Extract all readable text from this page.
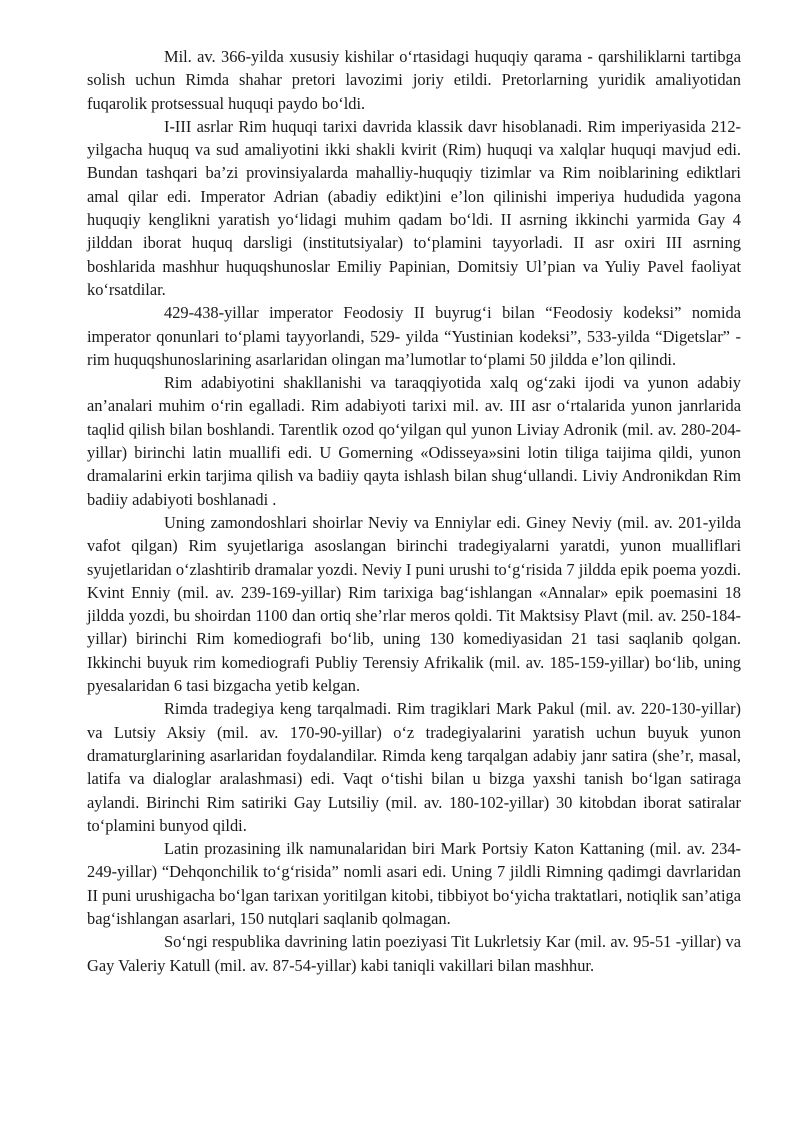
Mil. av. 366-yilda xususiy kishilar o‘rtasidagi huquqiy qarama - qarshiliklarni tartibga solish uchun Rimda shahar pretori lavozimi joriy etildi. Pretorlarning yuridik amaliyotidan fuqarolik protsessual huquqi paydo bo‘ldi.

I-III asrlar Rim huquqi tarixi davrida klassik davr hisoblanadi. Rim imperiyasida 212-yilgacha huquq va sud amaliyotini ikki shakli kvirit (Rim) huquqi va xalqlar huquqi mavjud edi. Bundan tashqari ba’zi provinsiyalarda mahalliy-huquqiy tizimlar va Rim noiblarining ediktlari amal qilar edi. Imperator Adrian (abadiy edikt)ini e’lon qilinishi imperiya hududida yagona huquqiy kenglikni yaratish yo‘lidagi muhim qadam bo‘ldi. II asrning ikkinchi yarmida Gay 4 jilddan iborat huquq darsligi (institutsiyalar) to‘plamini tayyorladi. II asr oxiri III asrning boshlarida mashhur huquqshunoslar Emiliy Papinian, Domitsiy Ul’pian va Yuliy Pavel faoliyat ko‘rsatdilar.

429-438-yillar imperator Feodosiy II buyrug‘i bilan “Feodosiy kodeksi” nomida imperator qonunlari to‘plami tayyorlandi, 529- yilda “Yustinian kodeksi”, 533-yilda “Digetslar” - rim huquqshunoslarining asarlaridan olingan ma’lumotlar to‘plami 50 jildda e’lon qilindi.

Rim adabiyotini shakllanishi va taraqqiyotida xalq og‘zaki ijodi va yunon adabiy an’analari muhim o‘rin egalladi. Rim adabiyoti tarixi mil. av. III asr o‘rtalarida yunon janrlarida taqlid qilish bilan boshlandi. Tarentlik ozod qo‘yilgan qul yunon Liviay Adronik (mil. av. 280-204-yillar) birinchi latin muallifi edi. U Gomerning «Odisseya»sini lotin tiliga taijima qildi, yunon dramalarini erkin tarjima qilish va badiiy qayta ishlash bilan shug‘ullandi. Liviy Andronikdan Rim badiiy adabiyoti boshlanadi .

Uning zamondoshlari shoirlar Neviy va Enniylar edi. Giney Neviy (mil. av. 201-yilda vafot qilgan) Rim syujetlariga asoslangan birinchi tradegiyalarni yaratdi, yunon mualliflari syujetlaridan o‘zlashtirib dramalar yozdi. Neviy I puni urushi to‘g‘risida 7 jildda epik poema yozdi. Kvint Enniy (mil. av. 239-169-yillar) Rim tarixiga bag‘ishlangan «Annalar» epik poemasini 18 jildda yozdi, bu shoirdan 1100 dan ortiq she’rlar meros qoldi. Tit Maktsisy Plavt (mil. av. 250-184-yillar) birinchi Rim komediografi bo‘lib, uning 130 komediyasidan 21 tasi saqlanib qolgan. Ikkinchi buyuk rim komediografi Publiy Terensiy Afrikalik (mil. av. 185-159-yillar) bo‘lib, uning pyesalaridan 6 tasi bizgacha yetib kelgan.

Rimda tradegiya keng tarqalmadi. Rim tragiklari Mark Pakul (mil. av. 220-130-yillar) va Lutsiy Aksiy (mil. av. 170-90-yillar) o‘z tradegiyalarini yaratish uchun buyuk yunon dramaturglarining asarlaridan foydalandilar. Rimda keng tarqalgan adabiy janr satira (she’r, masal, latifa va dialoglar aralashmasi) edi. Vaqt o‘tishi bilan u bizga yaxshi tanish bo‘lgan satiraga aylandi. Birinchi Rim satiriki Gay Lutsiliy (mil. av. 180-102-yillar) 30 kitobdan iborat satiralar to‘plamini bunyod qildi.

Latin prozasining ilk namunalaridan biri Mark Portsiy Katon Kattaning (mil. av. 234-249-yillar) “Dehqonchilik to‘g‘risida” nomli asari edi. Uning 7 jildli Rimning qadimgi davrlaridan II puni urushigacha bo‘lgan tarixan yoritilgan kitobi, tibbiyot bo‘yicha traktatlari, notiqlik san’atiga bag‘ishlangan asarlari, 150 nutqlari saqlanib qolmagan.

So‘ngi respublika davrining latin poeziyasi Tit Lukrletsiy Kar (mil. av. 95-51 -yillar) va Gay Valeriy Katull (mil. av. 87-54-yillar) kabi taniqli vakillari bilan mashhur.
